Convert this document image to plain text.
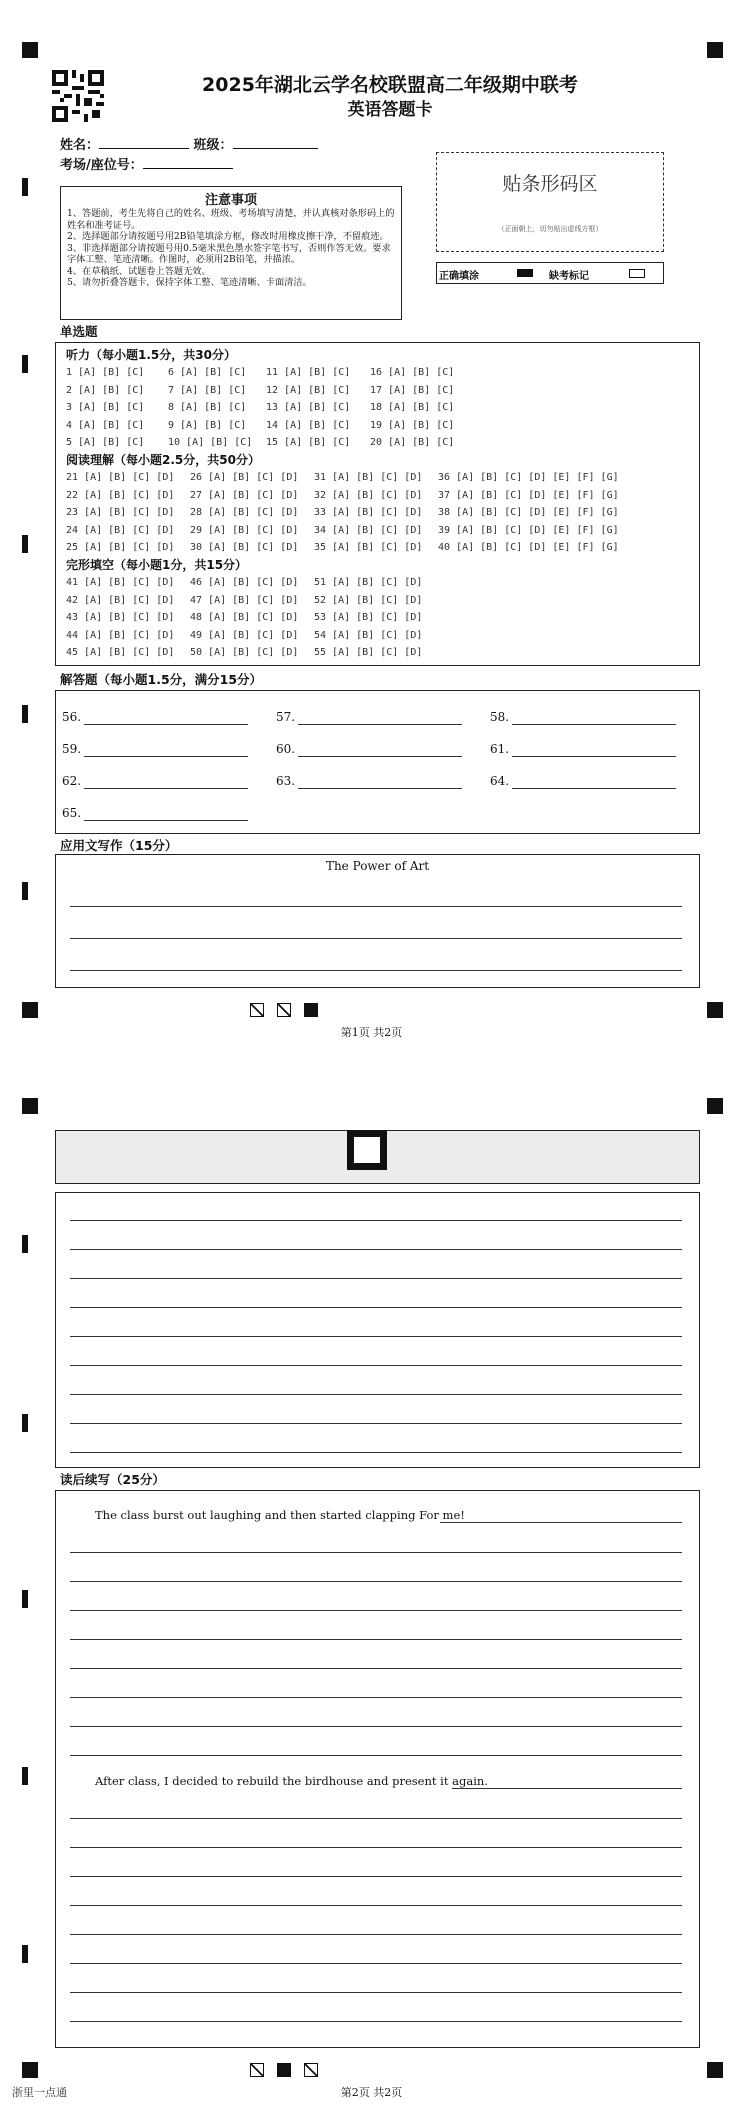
2025年湖北云学名校联盟高二年级期中联考
英语答题卡
姓名：	班级：
考场/座位号：
注意事项
1、答题前，考生先将自己的姓名、班级、考场填写清楚，并认真核对条形码上的姓名和准考证号。
2、选择题部分请按题号用2B铅笔填涂方框，修改时用橡皮擦干净，不留痕迹。
3、非选择题部分请按题号用0.5毫米黑色墨水签字笔书写，否则作答无效。要求字体工整、笔迹清晰。作图时，必须用2B铅笔，并描浓。
4、在草稿纸、试题卷上答题无效。
5、请勿折叠答题卡，保持字体工整、笔迹清晰、卡面清洁。
贴条形码区
（正面朝上，切勿贴出虚线方框）
正确填涂	缺考标记
单选题
听力（每小题1.5分，共30分）
1 [A] [B] [C]	6 [A] [B] [C]	11 [A] [B] [C]	16 [A] [B] [C]
2 [A] [B] [C]	7 [A] [B] [C]	12 [A] [B] [C]	17 [A] [B] [C]
3 [A] [B] [C]	8 [A] [B] [C]	13 [A] [B] [C]	18 [A] [B] [C]
4 [A] [B] [C]	9 [A] [B] [C]	14 [A] [B] [C]	19 [A] [B] [C]
5 [A] [B] [C]	10 [A] [B] [C]	15 [A] [B] [C]	20 [A] [B] [C]
阅读理解（每小题2.5分，共50分）
21 [A] [B] [C] [D]	26 [A] [B] [C] [D]	31 [A] [B] [C] [D]	36 [A] [B] [C] [D] [E] [F] [G]
22 [A] [B] [C] [D]	27 [A] [B] [C] [D]	32 [A] [B] [C] [D]	37 [A] [B] [C] [D] [E] [F] [G]
23 [A] [B] [C] [D]	28 [A] [B] [C] [D]	33 [A] [B] [C] [D]	38 [A] [B] [C] [D] [E] [F] [G]
24 [A] [B] [C] [D]	29 [A] [B] [C] [D]	34 [A] [B] [C] [D]	39 [A] [B] [C] [D] [E] [F] [G]
25 [A] [B] [C] [D]	30 [A] [B] [C] [D]	35 [A] [B] [C] [D]	40 [A] [B] [C] [D] [E] [F] [G]
完形填空（每小题1分，共15分）
41 [A] [B] [C] [D]	46 [A] [B] [C] [D]	51 [A] [B] [C] [D]
42 [A] [B] [C] [D]	47 [A] [B] [C] [D]	52 [A] [B] [C] [D]
43 [A] [B] [C] [D]	48 [A] [B] [C] [D]	53 [A] [B] [C] [D]
44 [A] [B] [C] [D]	49 [A] [B] [C] [D]	54 [A] [B] [C] [D]
45 [A] [B] [C] [D]	50 [A] [B] [C] [D]	55 [A] [B] [C] [D]
解答题（每小题1.5分，满分15分）
56.	57.	58.
59.	60.	61.
62.	63.	64.
65.
应用文写作（15分）
The Power of Art
第1页 共2页
读后续写（25分）
The class burst out laughing and then started clapping For me!
After class, I decided to rebuild the birdhouse and present it again.
第2页 共2页
浙里一点通
